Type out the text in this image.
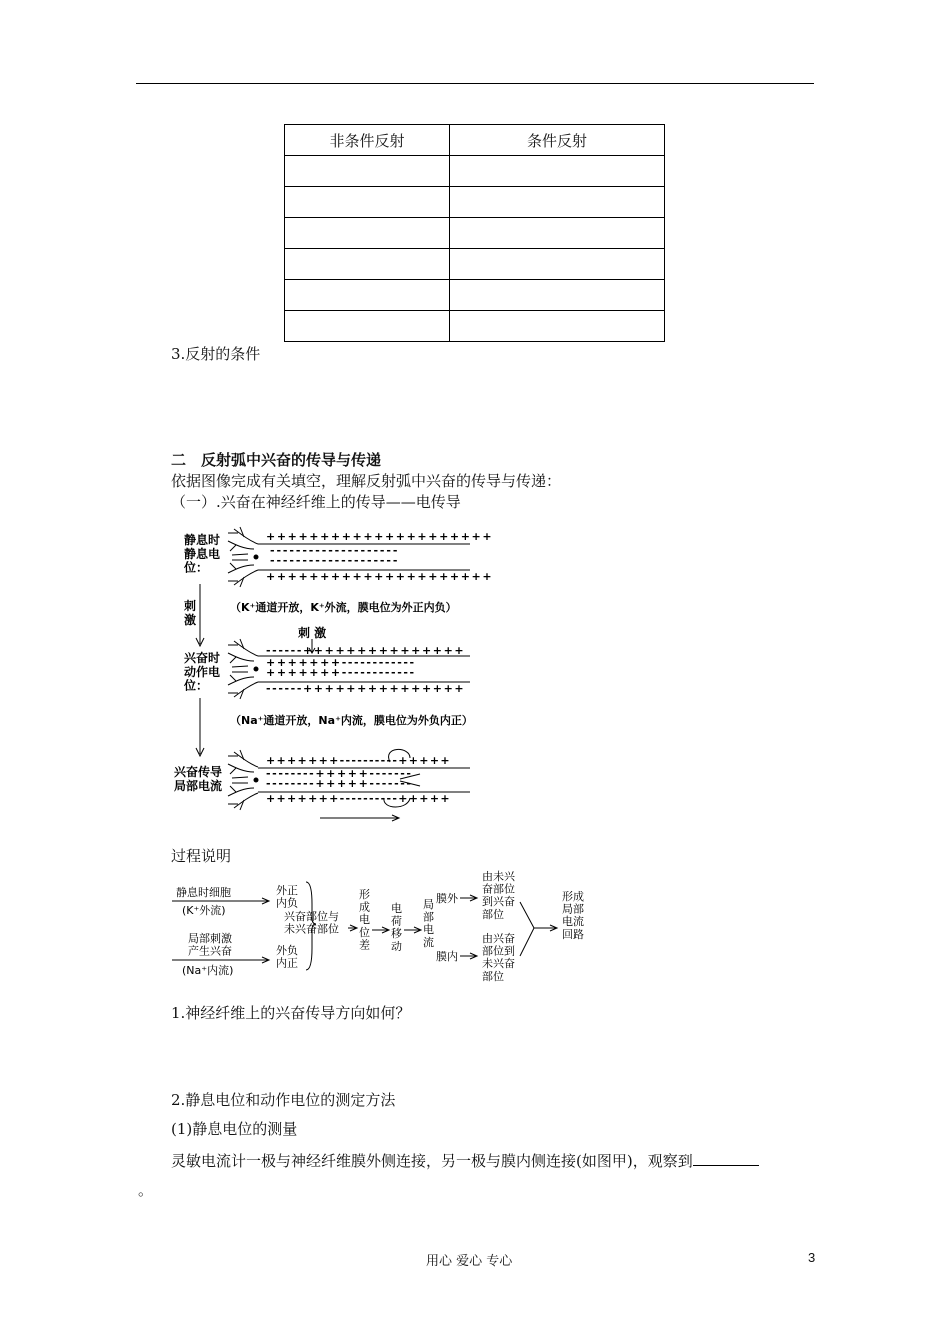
非条件反射	条件反射

3.反射的条件
二　反射弧中兴奋的传导与传递
依据图像完成有关填空，理解反射弧中兴奋的传导与传递：
（一）.兴奋在神经纤维上的传导——电传导
静息时静息电位：
刺激
兴奋时动作电位：
兴奋传导局部电流
（K⁺通道开放，K⁺外流，膜电位为外正内负）
（Na⁺通道开放，Na⁺内流，膜电位为外负内正）
刺 激
+++++++++++++++++++++
--------------------
--------------------
+++++++++++++++++++++
------+++++++++++++++
+++++++------------
+++++++------------
------+++++++++++++++
+++++++----------+++++
--------+++++-------
--------+++++-------
+++++++----------+++++
过程说明
静息时细胞
(K⁺外流)
外正内负
局部刺激产生兴奋
(Na⁺内流)
外负内正
兴奋部位与未兴奋部位
形成电位差
电荷移动
局部电流
膜外
膜内
由未兴奋部位到兴奋部位
由兴奋部位到未兴奋部位
形成局部电流回路
1.神经纤维上的兴奋传导方向如何？
2.静息电位和动作电位的测定方法
(1)静息电位的测量
灵敏电流计一极与神经纤维膜外侧连接，另一极与膜内侧连接(如图甲)，观察到
。
用心 爱心 专心	3
